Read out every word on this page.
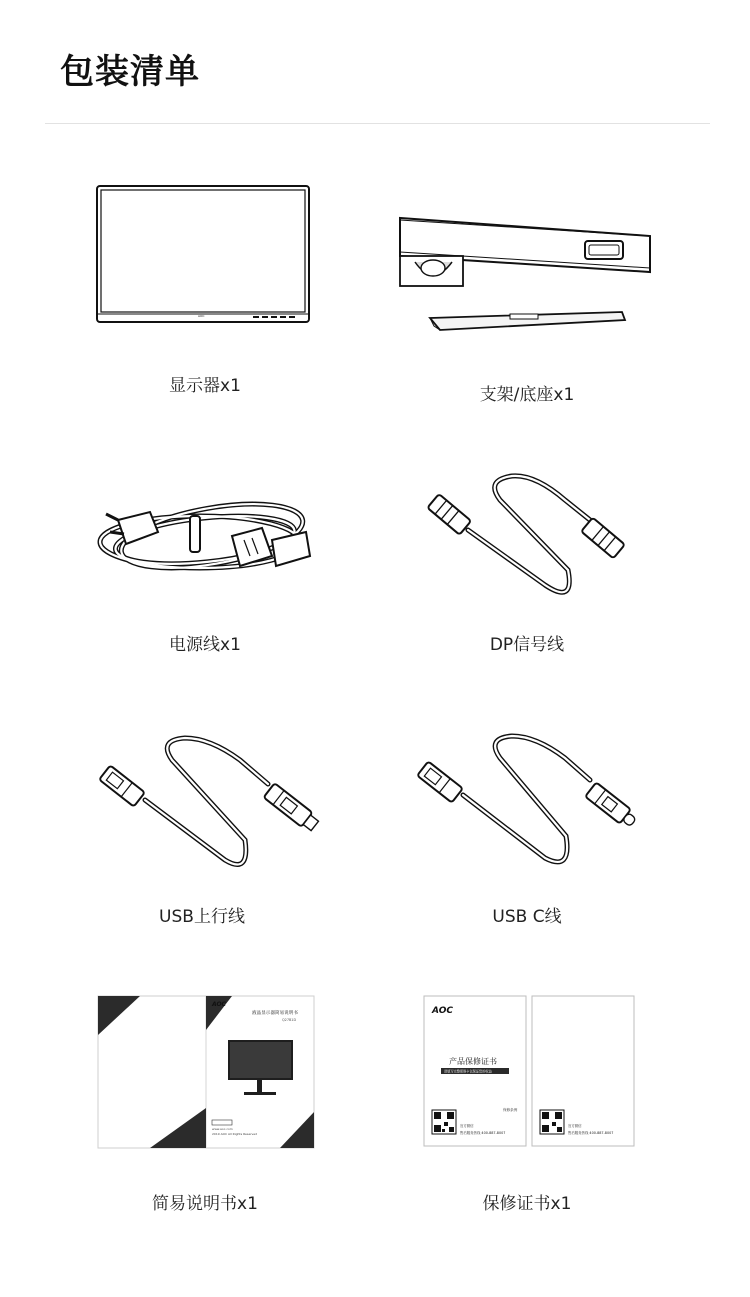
包装清单
AOC
显示器x1	支架/底座x1
电源线x1	DP信号线
USB上行线	USB C线
AOC
液晶显示器简易说明书
Q27B1D
www.aoc.com
2019 AOC All Rights Reserved
简易说明书x1
AOC
产品保修证书
请填写完整保修卡以保证您的权益
保修条例
官方微信
售后服务热线 400-887-8007
官方微信
售后服务热线 400-887-8007
保修证书x1
